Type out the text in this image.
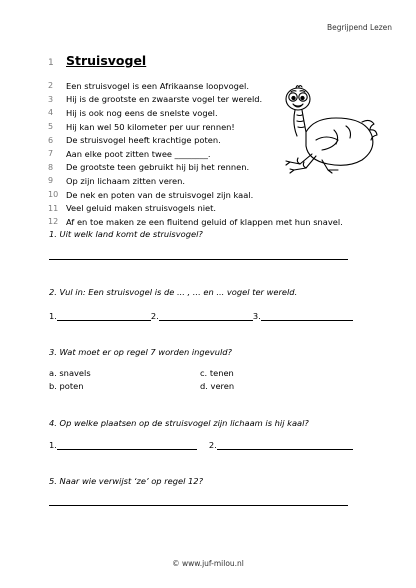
Begrijpend Lezen
1 Struisvogel
2	Een struisvogel is een Afrikaanse loopvogel.
3	Hij is de grootste en zwaarste vogel ter wereld.
4	Hij is ook nog eens de snelste vogel.
5	Hij kan wel 50 kilometer per uur rennen!
6	De struisvogel heeft krachtige poten.
7	Aan elke poot zitten twee ________.
8	De grootste teen gebruikt hij bij het rennen.
9	Op zijn lichaam zitten veren.
10 De nek en poten van de struisvogel zijn kaal.
11 Veel geluid maken struisvogels niet.
12 Af en toe maken ze een fluitend geluid of klappen met hun snavel.
1. Uit welk land komt de struisvogel?
2. Vul in: Een struisvogel is de ... , ... en ... vogel ter wereld.
1.	2.	3.
3. Wat moet er op regel 7 worden ingevuld?
a. snavels
b. poten
c. tenen
d. veren
4. Op welke plaatsen op de struisvogel zijn lichaam is hij kaal?
1.	2.
5. Naar wie verwijst ‘ze’ op regel 12?
© www.juf-milou.nl
